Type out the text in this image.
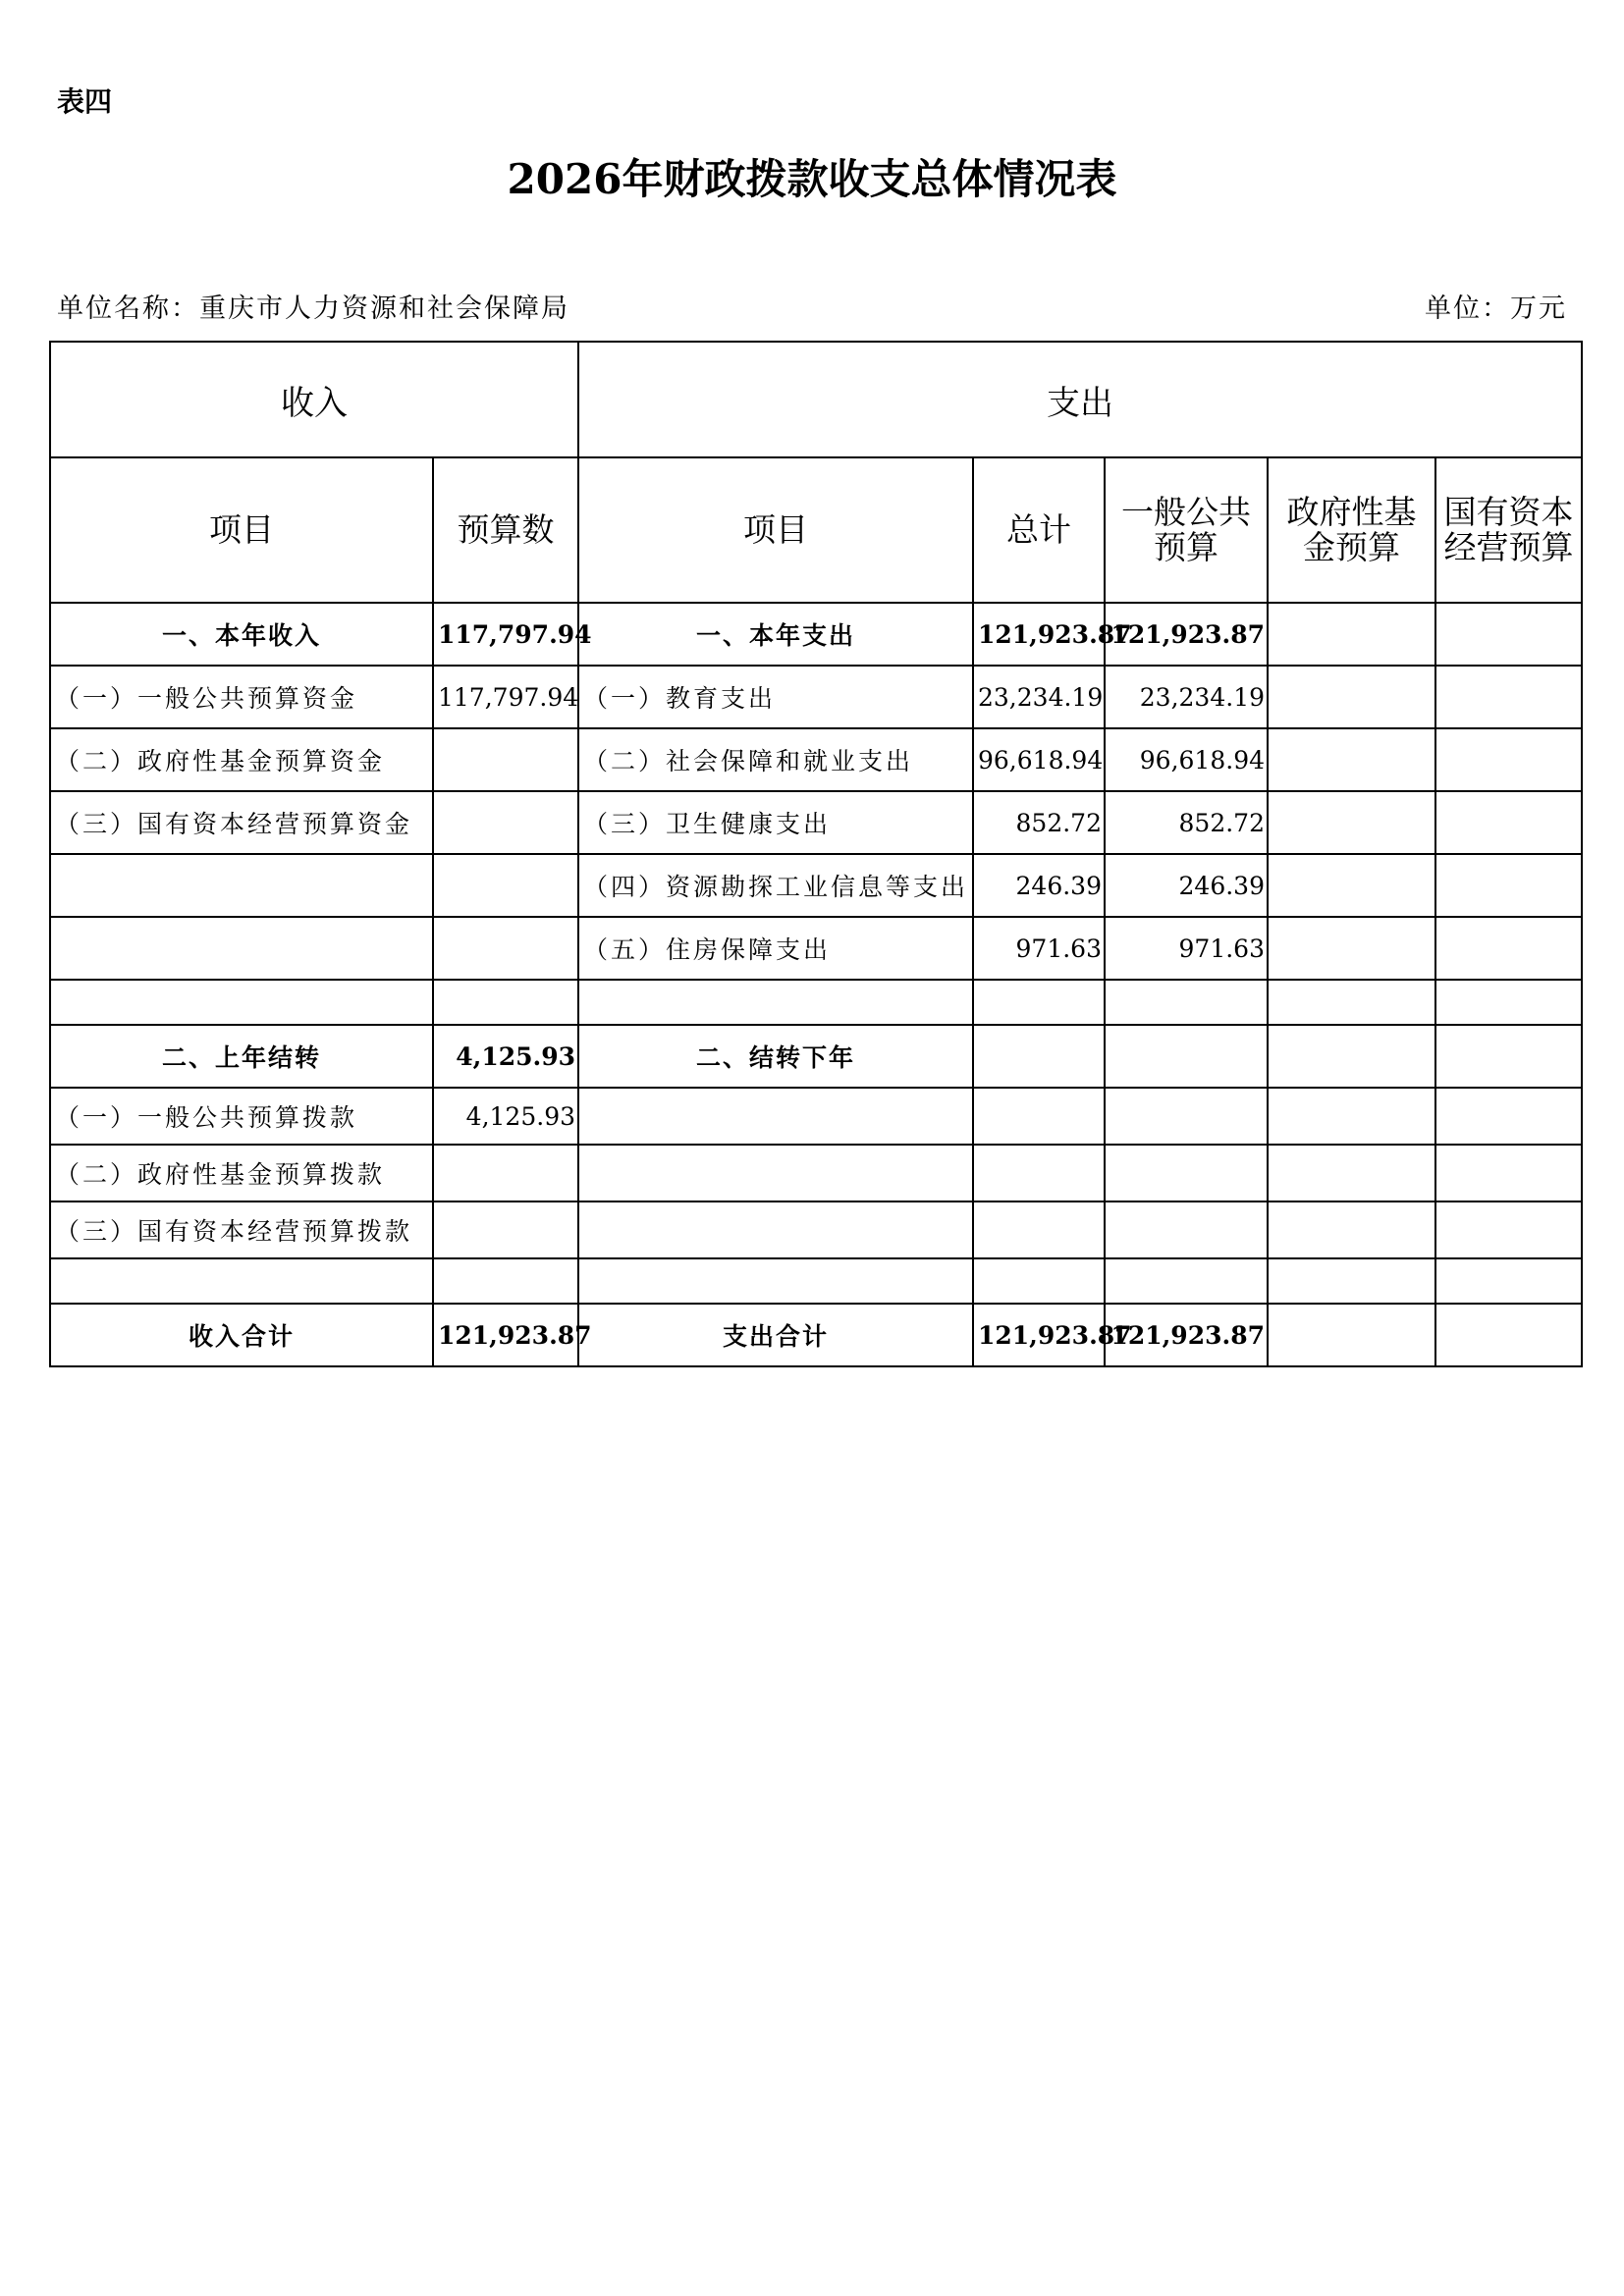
表四
2026年财政拨款收支总体情况表
单位名称：重庆市人力资源和社会保障局	单位：万元
收入		支出				
项目	预算数	项目	总计	一般公共预算	政府性基金预算	国有资本经营预算
一、本年收入	117,797.94	一、本年支出	121,923.87	121,923.87		
（一）一般公共预算资金	117,797.94	（一）教育支出	23,234.19	23,234.19		
（二）政府性基金预算资金		（二）社会保障和就业支出	96,618.94	96,618.94		
（三）国有资本经营预算资金		（三）卫生健康支出	852.72	852.72		
		（四）资源勘探工业信息等支出	246.39	246.39		
		（五）住房保障支出	971.63	971.63		

二、上年结转	4,125.93	二、结转下年				
（一）一般公共预算拨款	4,125.93					
（二）政府性基金预算拨款						
（三）国有资本经营预算拨款						

收入合计	121,923.87	支出合计	121,923.87	121,923.87		
